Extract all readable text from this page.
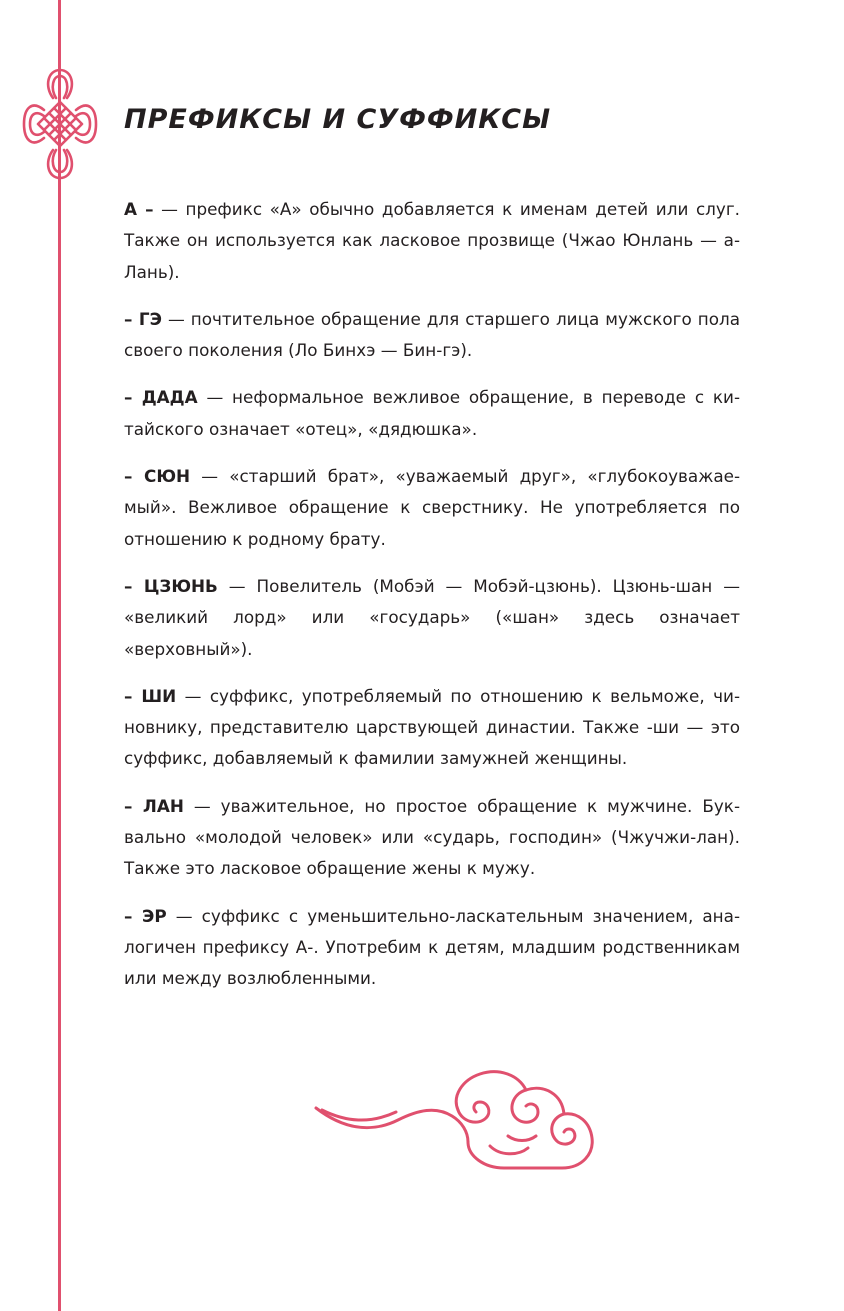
ПРЕФИКСЫ И СУФФИКСЫ

А – — префикс «А» обычно добавляется к именам детей или слуг. Также он используется как ласковое прозвище (Чжао Юнлань — а-Лань).

– ГЭ — почтительное обращение для старшего лица мужского пола своего поколения (Ло Бинхэ — Бин-гэ).

– ДАДА — неформальное вежливое обращение, в переводе с китайского означает «отец», «дядюшка».

– СЮН — «старший брат», «уважаемый друг», «глубокоуважаемый». Вежливое обращение к сверстнику. Не употребляется по отношению к родному брату.

– ЦЗЮНЬ — Повелитель (Мобэй — Мобэй-цзюнь). Цзюнь-шан — «великий лорд» или «государь» («шан» здесь означает «верховный»).

– ШИ — суффикс, употребляемый по отношению к вельможе, чиновнику, представителю царствующей династии. Также -ши — это суффикс, добавляемый к фамилии замужней женщины.

– ЛАН — уважительное, но простое обращение к мужчине. Буквально «молодой человек» или «сударь, господин» (Чжучжи-лан). Также это ласковое обращение жены к мужу.

– ЭР — суффикс с уменьшительно-ласкательным значением, аналогичен префиксу А-. Употребим к детям, младшим родственникам или между возлюбленными.
